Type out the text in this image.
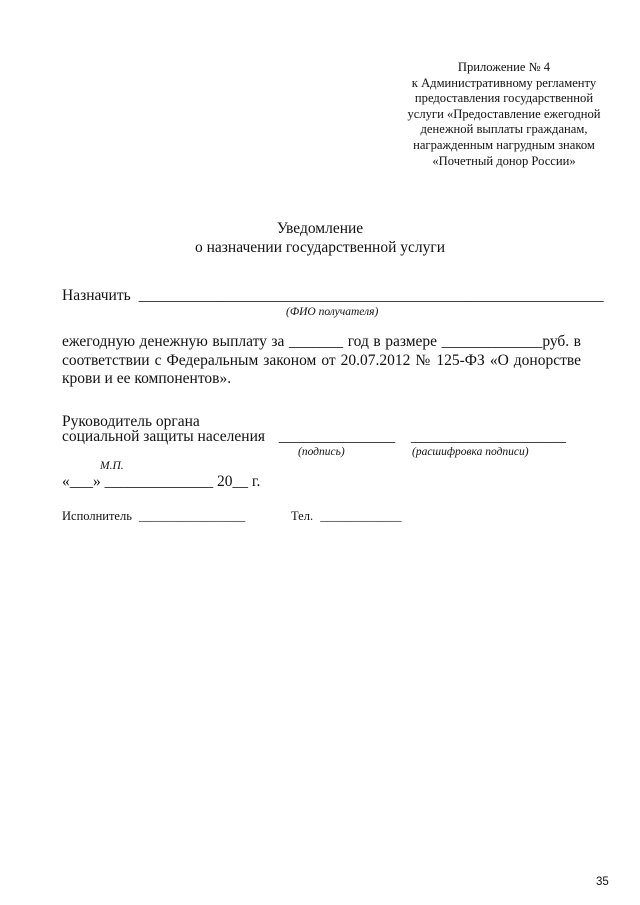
Приложение № 4
к Административному регламенту
предоставления государственной
услуги «Предоставление ежегодной
денежной выплаты гражданам,
награжденным нагрудным знаком
«Почетный донор России»
Уведомление
о назначении государственной услуги
Назначить ____________________________________________________________
(ФИО получателя)
ежегодную денежную выплату за _______ год в размере _____________руб. в соответствии с Федеральным законом от 20.07.2012 № 125-ФЗ «О донорстве крови и ее компонентов».
Руководитель органа
социальной защиты населения _______________ ____________________
(подпись)	(расшифровка подписи)
М.П.
«___» ______________ 20__ г.
Исполнитель _________________	Тел. _____________
35
